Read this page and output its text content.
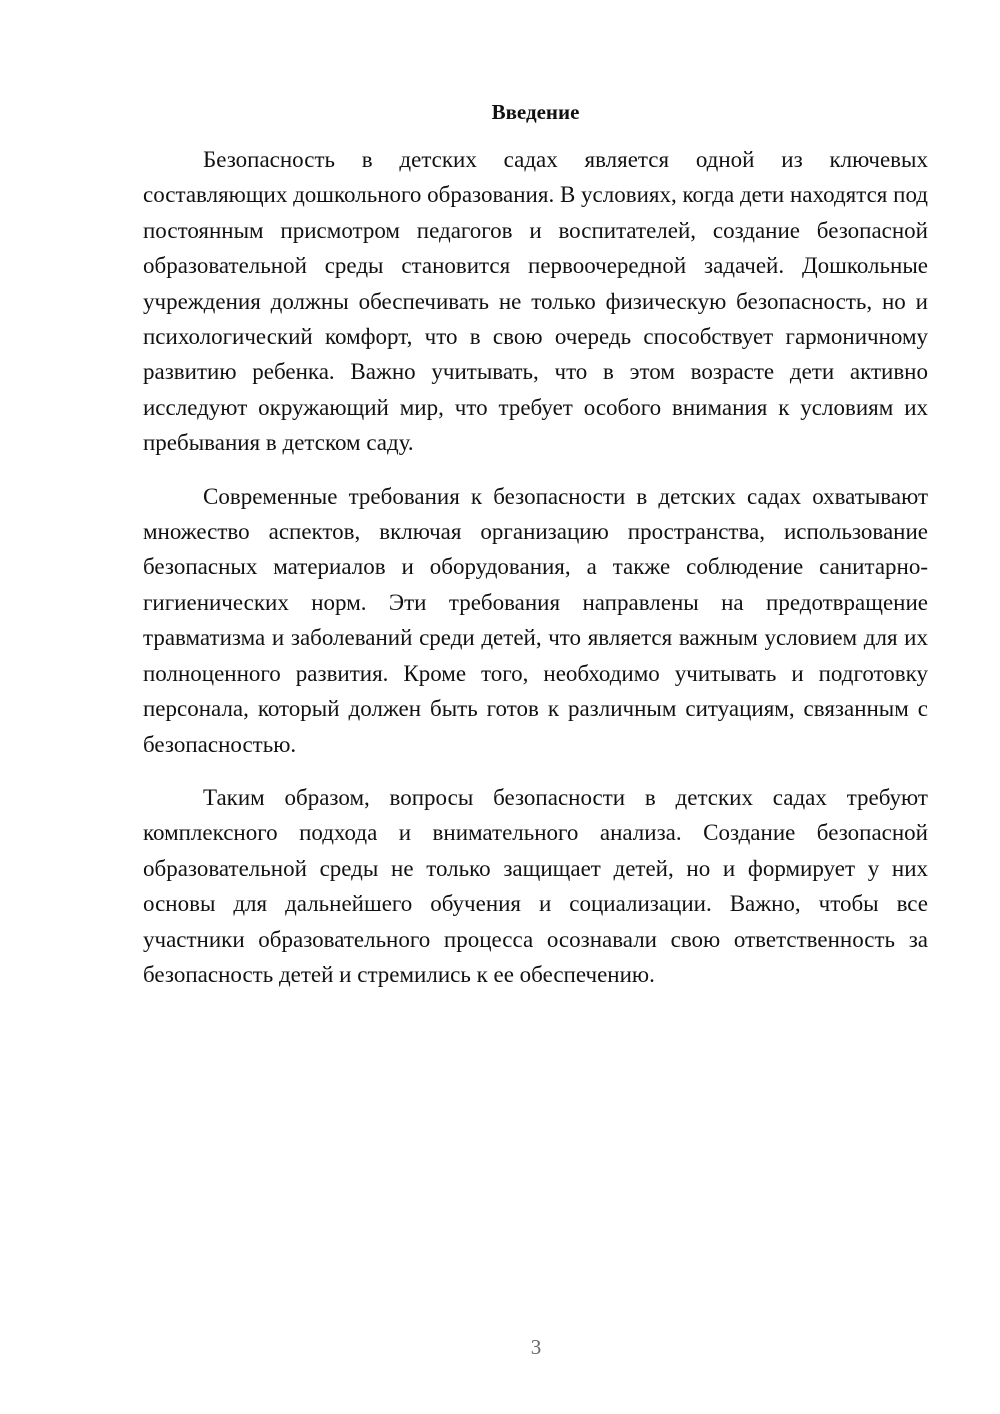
Введение

Безопасность в детских садах является одной из ключевых составляющих дошкольного образования. В условиях, когда дети находятся под постоянным присмотром педагогов и воспитателей, создание безопасной образовательной среды становится первоочередной задачей. Дошкольные учреждения должны обеспечивать не только физическую безопасность, но и психологический комфорт, что в свою очередь способствует гармоничному развитию ребенка. Важно учитывать, что в этом возрасте дети активно исследуют окружающий мир, что требует особого внимания к условиям их пребывания в детском саду.

Современные требования к безопасности в детских садах охватывают множество аспектов, включая организацию пространства, использование безопасных материалов и оборудования, а также соблюдение санитарно-гигиенических норм. Эти требования направлены на предотвращение травматизма и заболеваний среди детей, что является важным условием для их полноценного развития. Кроме того, необходимо учитывать и подготовку персонала, который должен быть готов к различным ситуациям, связанным с безопасностью.

Таким образом, вопросы безопасности в детских садах требуют комплексного подхода и внимательного анализа. Создание безопасной образовательной среды не только защищает детей, но и формирует у них основы для дальнейшего обучения и социализации. Важно, чтобы все участники образовательного процесса осознавали свою ответственность за безопасность детей и стремились к ее обеспечению.

3
